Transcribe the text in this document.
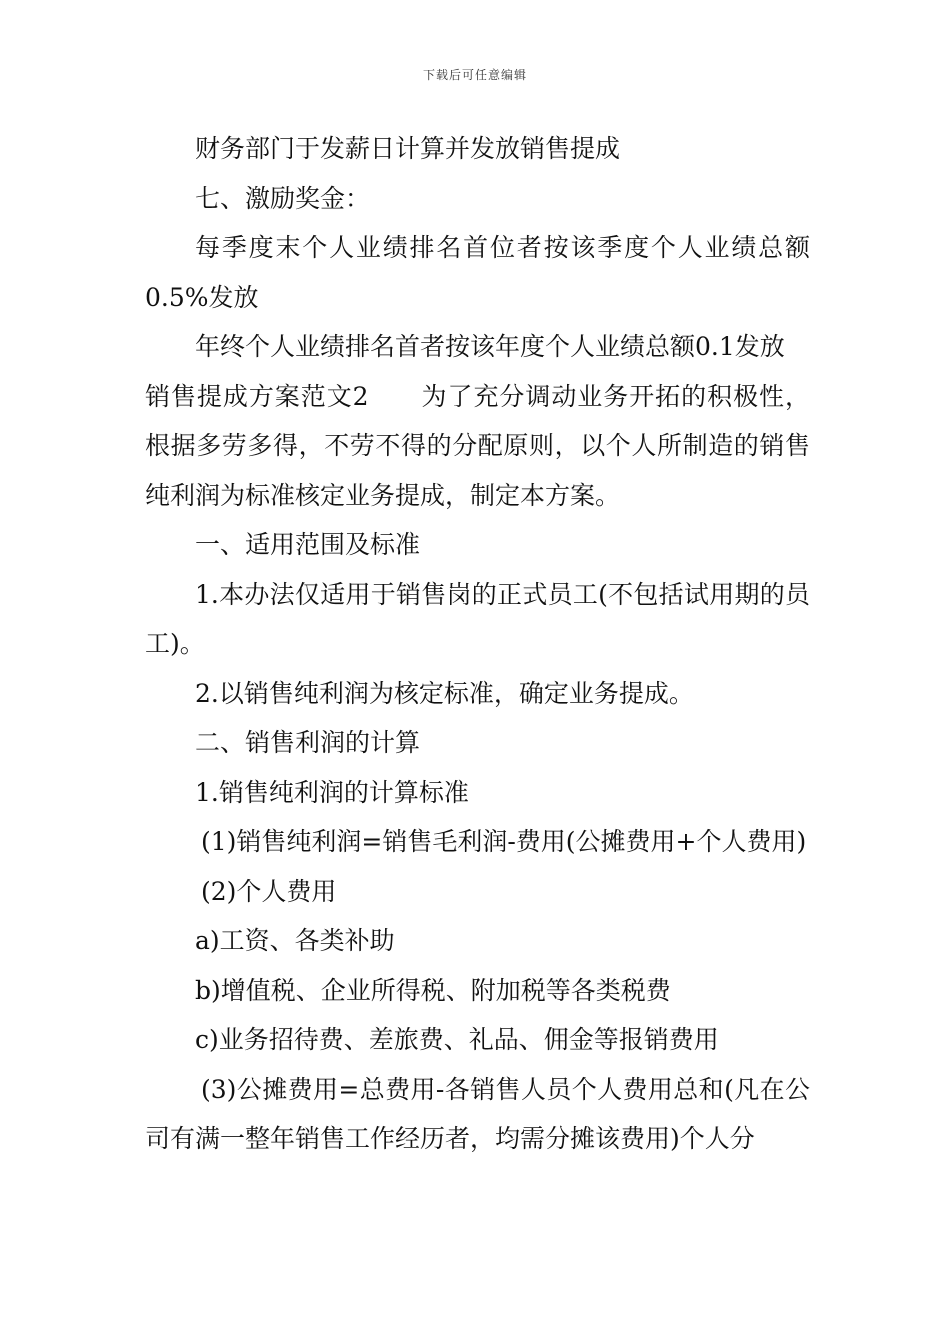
下载后可任意编辑

财务部门于发薪日计算并发放销售提成

七、激励奖金：

每季度末个人业绩排名首位者按该季度个人业绩总额0.5%发放

年终个人业绩排名首者按该年度个人业绩总额0.1发放

销售提成方案范文2 为了充分调动业务开拓的积极性，根据多劳多得，不劳不得的分配原则，以个人所制造的销售纯利润为标准核定业务提成，制定本方案。

一、适用范围及标准

1.本办法仅适用于销售岗的正式员工(不包括试用期的员工)。

2.以销售纯利润为核定标准，确定业务提成。

二、销售利润的计算

1.销售纯利润的计算标准

(1)销售纯利润=销售毛利润-费用(公摊费用+个人费用)

(2)个人费用

a)工资、各类补助

b)增值税、企业所得税、附加税等各类税费

c)业务招待费、差旅费、礼品、佣金等报销费用

(3)公摊费用=总费用-各销售人员个人费用总和(凡在公司有满一整年销售工作经历者，均需分摊该费用)个人分
